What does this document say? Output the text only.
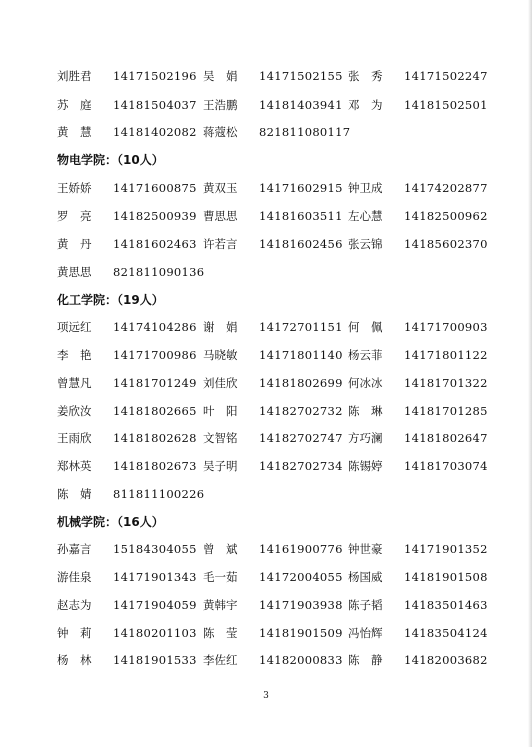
刘胜君	14171502196 吴　娟	14171502155 张　秀	14171502247
苏　庭	14181504037 王浩鹏	14181403941 邓　为	14181502501
黄　慧	14181402082 蒋蔻松	821811080117
物电学院：（10人）
王娇娇	14171600875 黄双玉	14171602915 钟卫成	14174202877
罗　亮	14182500939 曹思思	14181603511 左心慧	14182500962
黄　丹	14181602463 许若言	14181602456 张云锦	14185602370
黄思思	821811090136
化工学院：（19人）
项远红	14174104286 谢　娟	14172701151 何　佩	14171700903
李　艳	14171700986 马晓敏	14171801140 杨云菲	14171801122
曾慧凡	14181701249 刘佳欣	14181802699 何冰冰	14181701322
姜欣汝	14181802665 叶　阳	14182702732 陈　琳	14181701285
王雨欣	14181802628 文智铭	14182702747 方巧澜	14181802647
郑林英	14181802673 吴子明	14182702734 陈锡婷	14181703074
陈　婧	811811100226
机械学院：（16人）
孙嘉言	15184304055 曾　斌	14161900776 钟世豪	14171901352
游佳泉	14171901343 毛一茹	14172004055 杨国威	14181901508
赵志为	14171904059 黄韩宇	14171903938 陈子韬	14183501463
钟　莉	14180201103 陈　莹	14181901509 冯怡辉	14183504124
杨　林	14181901533 李佐红	14182000833 陈　静	14182003682
3
